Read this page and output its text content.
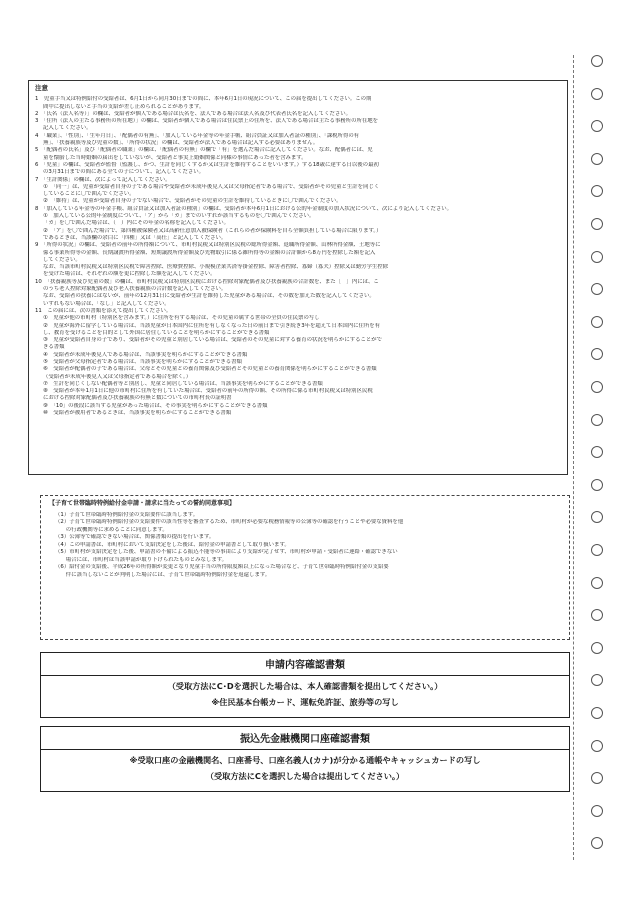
注意
1　児童手当又は特例給付の受給者は、6月1日から同月30日までの間に、本年6月1日の現況について、この届を提出してください。この期
間中に提出しないと手当の支給が差し止められることがあります。
2　「氏名（法人名等）」の欄は、受給者が個人である場合は氏名を、法人である場合は法人名及び代表者氏名を記入してください。
3　「住所（法人の主たる事務所の所在地）」の欄は、受給者が個人である場合は住民票上の住所を、法人である場合は主たる事務所の所在地を
記入してください。
4　「職業」、「性別」、「生年月日」、「配偶者の有無」、「加入している年金等の年金手帳、組合員証又は加入者証の種別」、「課税所得の有
無」、「扶養親族等及び児童の数」、「所得の状況」の欄は、受給者が法人である場合は記入する必要はありません。
5　「配偶者の氏名」及び「配偶者の職業」の欄は、「配偶者の有無」の欄で「有」を選んだ場合に記入してください。なお、配偶者には、児
童を懐胎した当時婚姻の届出をしていないが、受給者と事実上婚姻関係と同様の事情にあった者を含みます。
6　「児童」の欄は、受給者が監督（監護し、かつ、生計を同じくするか又は生計を維持することをいいます。）する18歳に達する日以後の最初
の3月31日までの間にある全ての子について、記入してください。
7　「生計関係」の欄は、次によって記入してください。
①　「同一」は、児童が受給者自身の子である場合や受給者が未成年後見人又は父母指定者である場合で、受給者がその児童と生計を同じく
していることに〇で囲んでください。
②　「維持」は、児童が受給者自身の子でない場合で、受給者がその児童の生計を維持しているときに〇で囲んでください。
8　「加入している年金等の年金手帳、組合員証又は加入者証の種別」の欄は、受給者が本年6月1日における公的年金制度の加入状況について、次により記入してください。
①　加入している公的年金制度について、「ア」から「カ」までのいずれか該当するものを〇で囲んでください。
「カ」を〇で囲んだ場合は、（　）内にその年金の名称を記入してください。
②　「ア」を〇で囲んだ場合で、第四種被保険者又は高齢任意加入被保険者（これらの者が保険料を自ら全額負担している場合に限ります。）
であるときは、当該欄の余白に「四種」又は「高任」と記入してください。
9　「所得の状況」の欄は、受給者の前年の所得額について、市町村民税又は特別区民税の総所得金額、退職所得金額、山林所得金額、土地等に
係る事業所得等の金額、長期譲渡所得金額、短期譲渡所得金額及び先物取引に係る雑所得等の金額の合計額から8万円を控除した額を記入
してください。
なお、当該市町村民税又は特別区民税で障害控除、医療費控除、小規模企業共済等掛金控除、障害者控除、寡婦（寡夫）控除又は勤労学生控除
を受けた場合は、それぞれの額を更に控除した額を記入してください。
10　「扶養親族等及び児童の数」の欄は、市町村民税又は特別区民税における控除対象配偶者及び扶養親族の合計数を、また［　］内には、こ
のうち老人控除対象配偶者及び老人扶養親族の合計数を記入してください。
なお、受給者の扶養にはないが、前年の12月31日に受給者が生計を維持した児童がある場合は、その数を加えた数を記入してください。
いずれもない場合は、「なし」と記入してください。
11　この届には、次の書類を添えて提出してください。
①　児童が他の市町村（特別区を含みます。）に住所を有する場合は、その児童の属する世帯の全員の住民票の写し
②　児童が海外に留学している場合は、当該児童が日本国内に住所を有しなくなった日の前日まで引き続き3年を超えて日本国内に住所を有
し、教育を受けることを目的として外国に居住していることを明らかにすることができる書類
③　児童が受給者自身の子であり、受給者がその児童と別居している場合は、受給者のその児童に対する養育の状況を明らかにすることがで
きる書類
④　受給者が未成年後見人である場合は、当該事実を明らかにすることができる書類
⑤　受給者が父母指定者である場合は、当該事実を明らかにすることができる書類
⑥　受給者が配偶者の子である場合は、父母とその児童との養育関係及び受給者とその児童との養育関係を明らかにすることができる書類
（受給者が未成年後見人又は父母指定者である場合を除く。）
⑦　生計を同じくしない配偶者等と別居し、児童と同居している場合は、当該事実を明らかにすることができる書類
⑧　受給者が本年1月1日に他の市町村に住所を有していた場合は、受給者の前年の所得の額、その所得に係る市町村民税又は特別区民税
における控除対象配偶者及び扶養親族の有無と数についての市町村長の証明書
⑨　「10」の後段に該当する児童があった場合は、その事実を明らかにすることができる書類
⑩　受給者が被用者であるときは、当該事実を明らかにすることができる書類
【子育て世帯臨時特例給付金申請・請求に当たっての誓約同意事項】
（1）子育て世帯臨時特例給付金の支給要件に該当します。
（2）子育て世帯臨時特例給付金の支給要件の該当性等を審査するため、市町村が必要な税務情報等の公簿等の確認を行うことや必要な資料を他
　　の行政機関等に求めることに同意します。
（3）公簿等で確認できない場合は、関係書類の提出を行います。
（4）この申請書は、市町村において支給決定をした後は、給付金の申請書として取り扱います。
（5）市町村が支給決定をした後、申請書の不備による振込不能等の事由により支給が完了せず、市町村が申請・受給者に連絡・確認できない
　　場合には、市町村は当該申請が取り下げられたものとみなします。
（6）給付金の支給後、平成26年の所得額が変更となり児童手当の所得限度額以上になった場合など、子育て世帯臨時特例給付金の支給要
　　件に該当しないことが判明した場合には、子育て世帯臨時特例給付金を返還します。
申請内容確認書類
（受取方法にC･Dを選択した場合は、本人確認書類を提出してください。）
※住民基本台帳カード、運転免許証、旅券等の写し
振込先金融機関口座確認書類
※受取口座の金融機関名、口座番号、口座名義人(カナ)が分かる通帳やキャッシュカードの写し
（受取方法にCを選択した場合は提出してください。）
